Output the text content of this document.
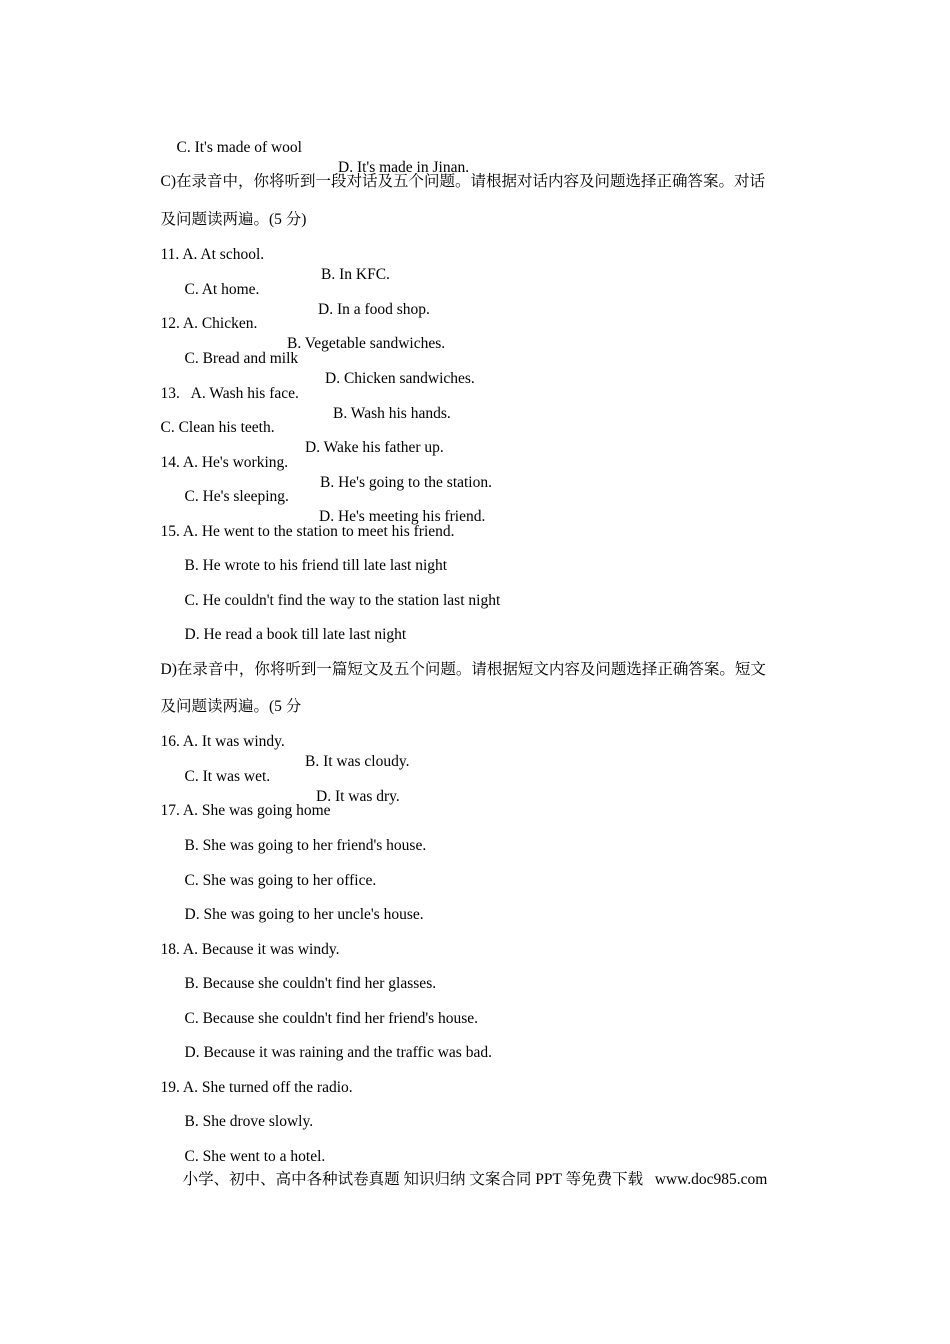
C. It's made of wool

D. It's made in Jinan.

C)在录音中，你将听到一段对话及五个问题。请根据对话内容及问题选择正确答案。对话

及问题读两遍。(5 分)

11. A. At school.

B. In KFC.

C. At home.

D. In a food shop.

12. A. Chicken.

B. Vegetable sandwiches.

C. Bread and milk

D. Chicken sandwiches.

13.   A. Wash his face.

B. Wash his hands.

C. Clean his teeth.

D. Wake his father up.

14. A. He's working.

B. He's going to the station.

C. He's sleeping.

D. He's meeting his friend.

15. A. He went to the station to meet his friend.

B. He wrote to his friend till late last night

C. He couldn't find the way to the station last night

D. He read a book till late last night

D)在录音中，你将听到一篇短文及五个问题。请根据短文内容及问题选择正确答案。短文

及问题读两遍。(5 分

16. A. It was windy.

B. It was cloudy.

C. It was wet.

D. It was dry.

17. A. She was going home

B. She was going to her friend's house.

C. She was going to her office.

D. She was going to her uncle's house.

18. A. Because it was windy.

B. Because she couldn't find her glasses.

C. Because she couldn't find her friend's house.

D. Because it was raining and the traffic was bad.

19. A. She turned off the radio.

B. She drove slowly.

C. She went to a hotel.

小学、初中、高中各种试卷真题 知识归纳 文案合同 PPT 等免费下载   www.doc985.com
